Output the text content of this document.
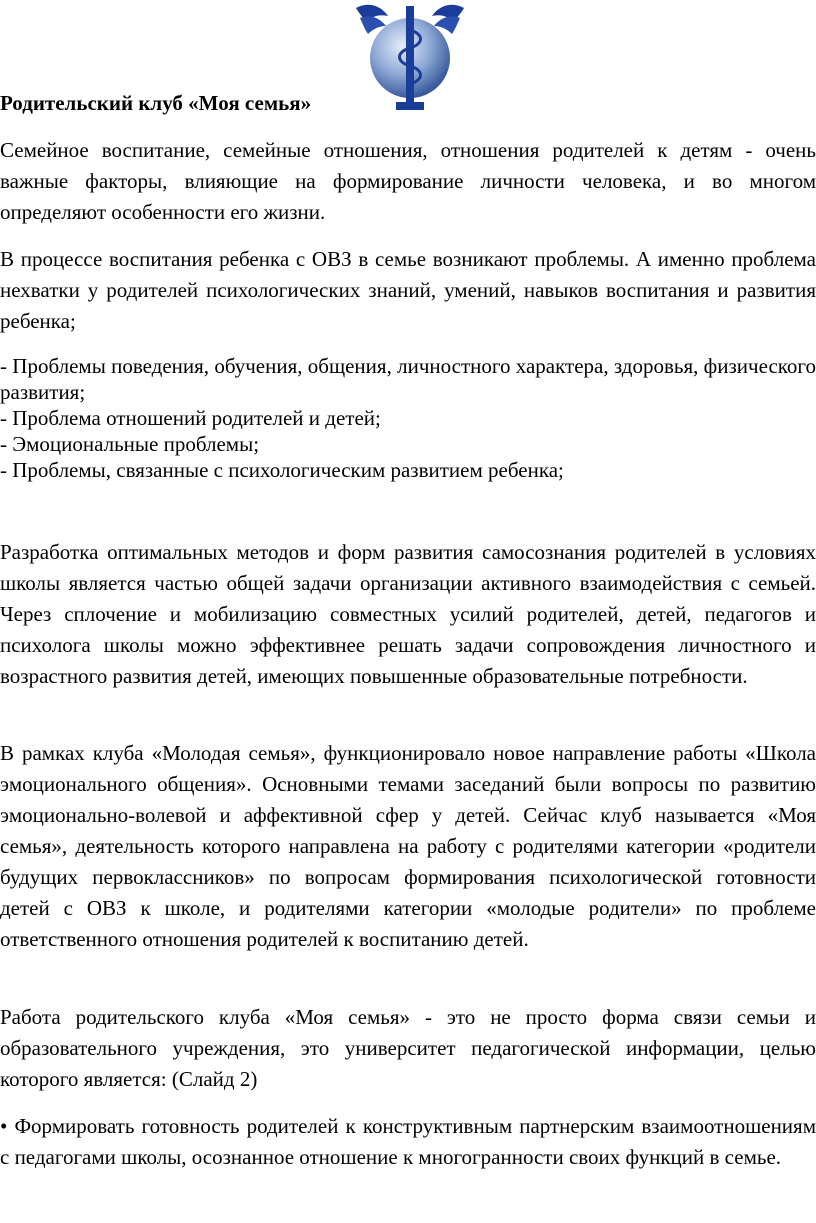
Родительский клуб «Моя семья»
Семейное воспитание, семейные отношения, отношения родителей к детям - очень важные факторы, влияющие на формирование личности человека, и во многом определяют особенности его жизни.
В процессе воспитания ребенка с ОВЗ в семье возникают проблемы. А именно проблема нехватки у родителей психологических знаний, умений, навыков воспитания и развития ребенка;
- Проблемы поведения, обучения, общения, личностного характера, здоровья, физического развития;
- Проблема отношений родителей и детей;
- Эмоциональные проблемы;
- Проблемы, связанные с психологическим развитием ребенка;
Разработка оптимальных методов и форм развития самосознания родителей в условиях школы является частью общей задачи организации активного взаимодействия с семьей. Через сплочение и мобилизацию совместных усилий родителей, детей, педагогов и психолога школы можно эффективнее решать задачи сопровождения личностного и возрастного развития детей, имеющих повышенные образовательные потребности.
В рамках клуба «Молодая семья», функционировало новое направление работы «Школа эмоционального общения». Основными темами заседаний были вопросы по развитию эмоционально-волевой и аффективной сфер у детей. Сейчас клуб называется «Моя семья», деятельность которого направлена на работу с родителями категории «родители будущих первоклассников» по вопросам формирования психологической готовности детей с ОВЗ к школе, и родителями категории «молодые родители» по проблеме ответственного отношения родителей к воспитанию детей.
Работа родительского клуба «Моя семья» - это не просто форма связи семьи и образовательного учреждения, это университет педагогической информации, целью которого является: (Слайд 2)
• Формировать готовность родителей к конструктивным партнерским взаимоотношениям с педагогами школы, осознанное отношение к многогранности своих функций в семье.
